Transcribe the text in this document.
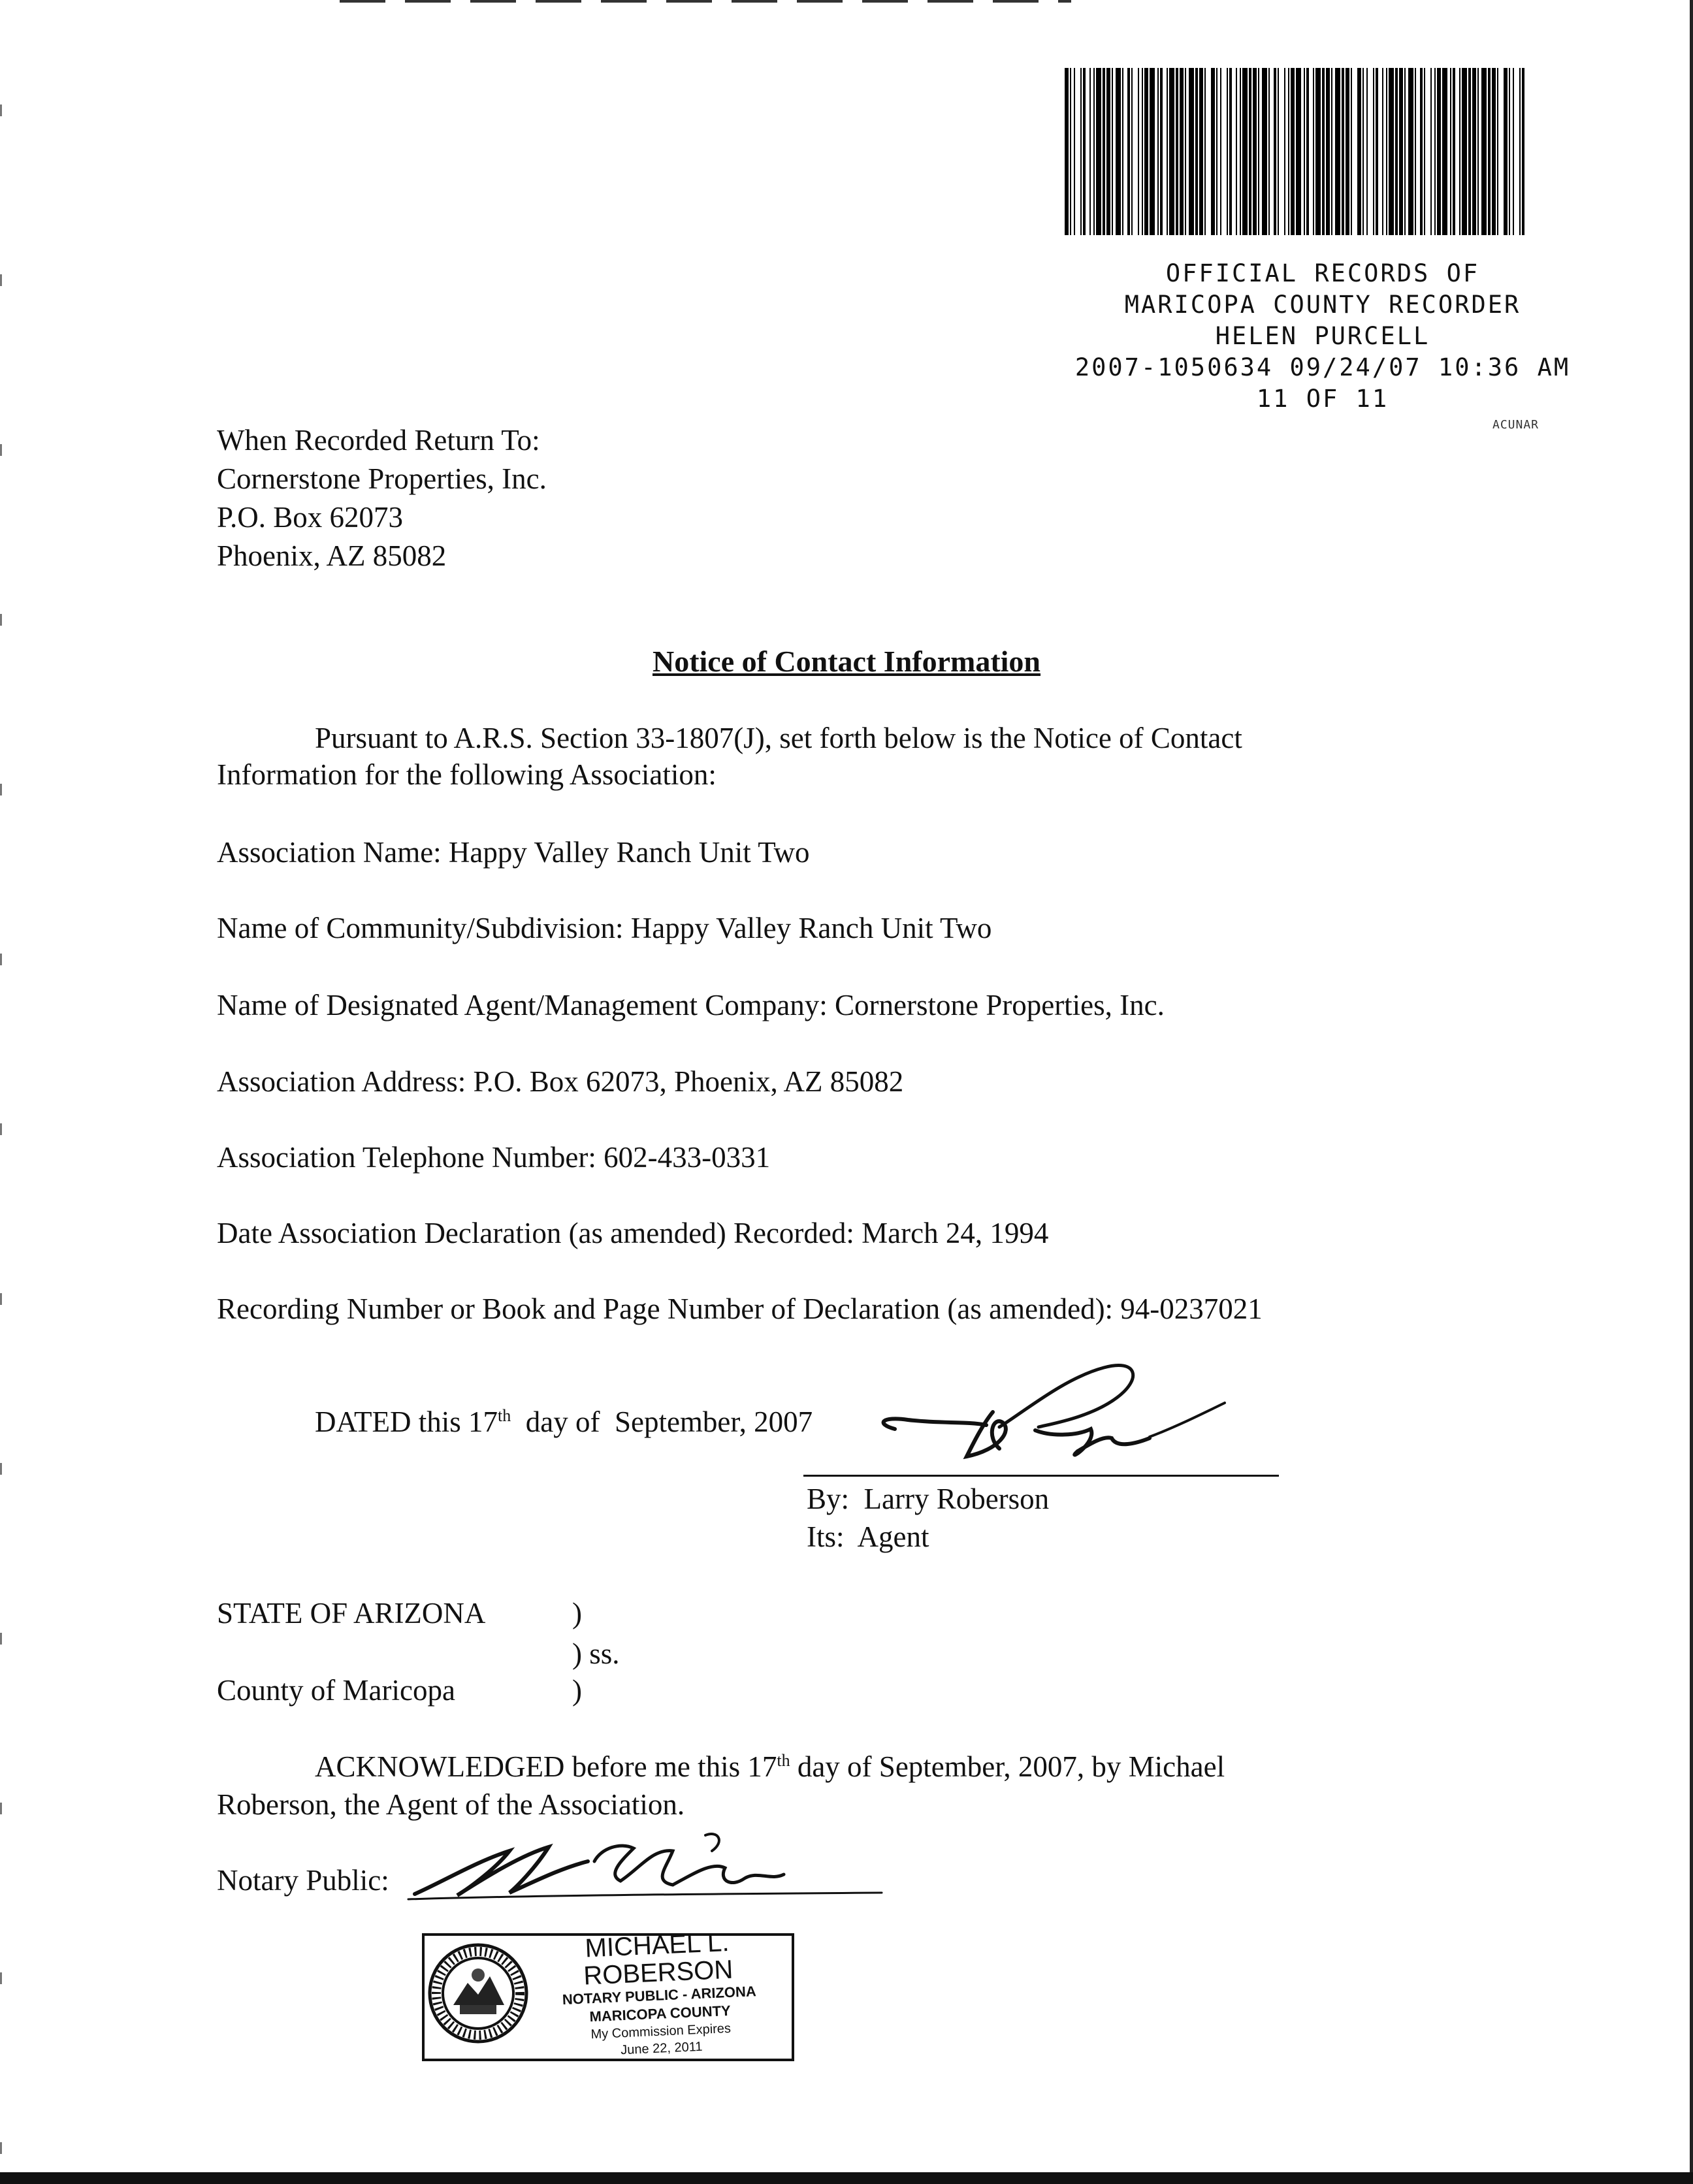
OFFICIAL RECORDS OF
MARICOPA COUNTY RECORDER
HELEN PURCELL
2007-1050634 09/24/07 10:36 AM
11 OF 11
ACUNAR
When Recorded Return To:
Cornerstone Properties, Inc.
P.O. Box 62073
Phoenix, AZ 85082
Notice of Contact Information
Pursuant to A.R.S. Section 33-1807(J), set forth below is the Notice of Contact Information for the following Association:
Association Name: Happy Valley Ranch Unit Two
Name of Community/Subdivision: Happy Valley Ranch Unit Two
Name of Designated Agent/Management Company: Cornerstone Properties, Inc.
Association Address: P.O. Box 62073, Phoenix, AZ 85082
Association Telephone Number: 602-433-0331
Date Association Declaration (as amended) Recorded: March 24, 1994
Recording Number or Book and Page Number of Declaration (as amended): 94-0237021
DATED this 17th  day of  September, 2007
By:  Larry Roberson
Its:  Agent
STATE OF ARIZONA	)
) ss.
County of Maricopa	)
ACKNOWLEDGED before me this 17th day of September, 2007, by Michael
Roberson, the Agent of the Association.
Notary Public:
MICHAEL L. ROBERSON
NOTARY PUBLIC - ARIZONA
MARICOPA COUNTY
My Commission Expires
June 22, 2011
